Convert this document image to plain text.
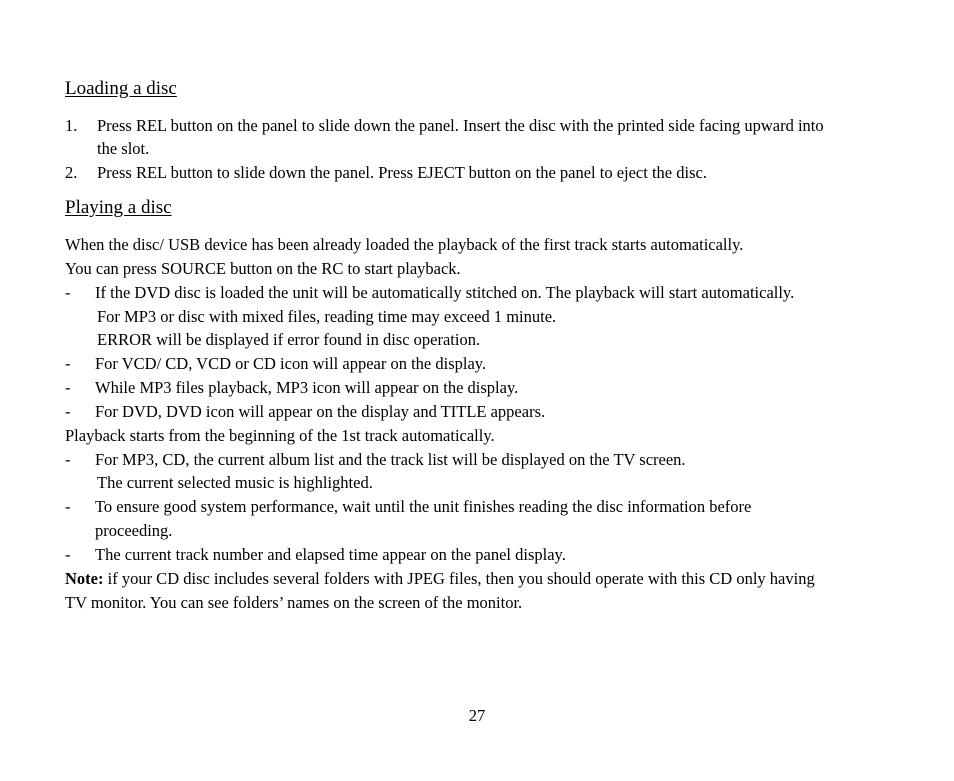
Loading a disc
1.	Press REL button on the panel to slide down the panel. Insert the disc with the printed side facing upward into
the slot.
2.	Press REL button to slide down the panel. Press EJECT button on the panel to eject the disc.
Playing a disc
When the disc/ USB device has been already loaded the playback of the first track starts automatically.
You can press SOURCE button on the RC to start playback.
-	If the DVD disc is loaded the unit will be automatically stitched on. The playback will start automatically.
For MP3 or disc with mixed files, reading time may exceed 1 minute.
ERROR will be displayed if error found in disc operation.
-	For VCD/ CD, VCD or CD icon will appear on the display.
-	While MP3 files playback, MP3 icon will appear on the display.
-	For DVD, DVD icon will appear on the display and TITLE appears.
Playback starts from the beginning of the 1st track automatically.
-	For MP3, CD, the current album list and the track list will be displayed on the TV screen.
The current selected music is highlighted.
-	To ensure good system performance, wait until the unit finishes reading the disc information before
proceeding.
-	The current track number and elapsed time appear on the panel display.
Note: if your CD disc includes several folders with JPEG files, then you should operate with this CD only having
TV monitor. You can see folders’ names on the screen of the monitor.
27
